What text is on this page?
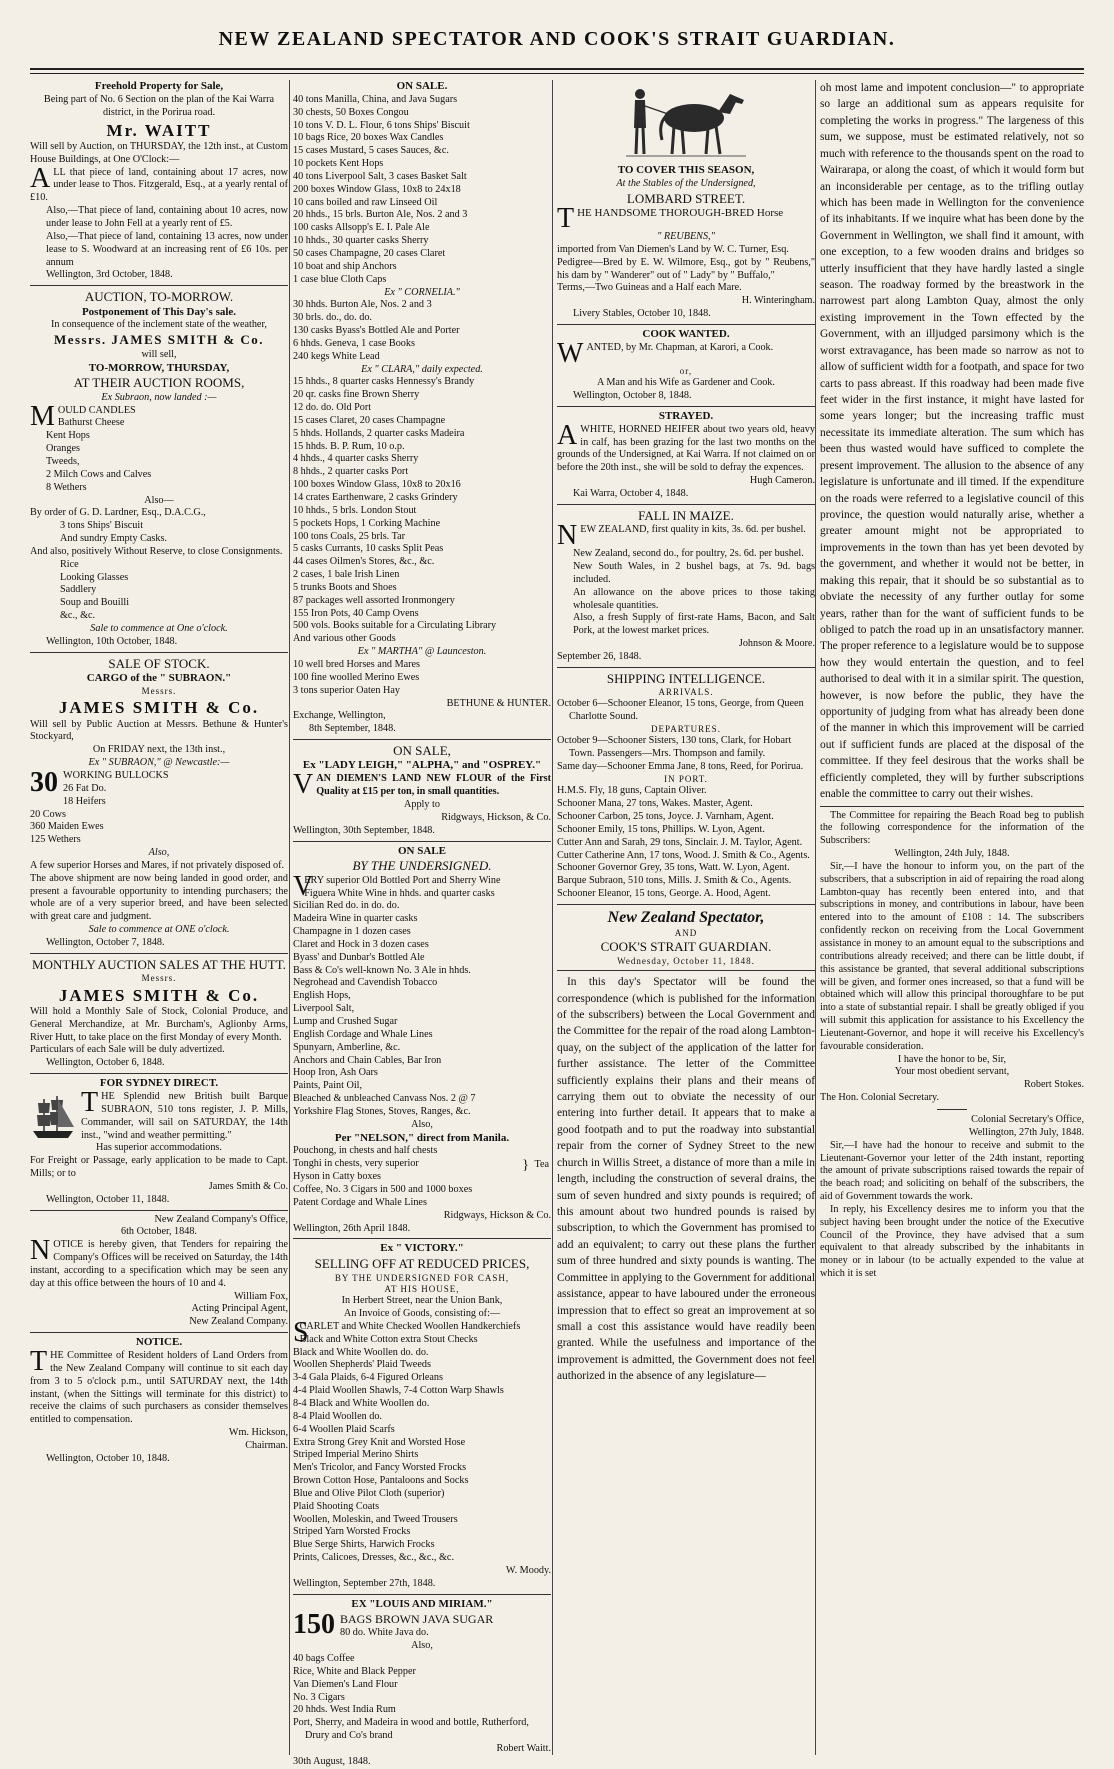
NEW ZEALAND SPECTATOR AND COOK'S STRAIT GUARDIAN.

Freehold Property for Sale,

Being part of No. 6 Section on the plan of the Kai Warra district, in the Porirua road.

Mr. WAITT

Will sell by Auction, on THURSDAY, the 12th inst., at Custom House Buildings, at One O'Clock:—

ALL that piece of land, containing about 17 acres, now under lease to Thos. Fitzgerald, Esq., at a yearly rental of £10.

Also,—That piece of land, containing about 10 acres, now under lease to John Fell at a yearly rent of £5.

Also,—That piece of land, containing 13 acres, now under lease to S. Woodward at an increasing rent of £6 10s. per annum

Wellington, 3rd October, 1848.

AUCTION, TO-MORROW.

Postponement of This Day's sale.

In consequence of the inclement state of the weather,

Messrs. JAMES SMITH & Co.

will sell,

TO-MORROW, THURSDAY,

AT THEIR AUCTION ROOMS,

Ex Subraon, now landed :—

M OULD CANDLES

Bathurst Cheese

Kent Hops

Oranges

Tweeds,

2 Milch Cows and Calves

8 Wethers

Also—

By order of G. D. Lardner, Esq., D.A.C.G.,

3 tons Ships' Biscuit

And sundry Empty Casks.

And also, positively Without Reserve, to close Consignments.

Rice

Looking Glasses

Saddlery

Soup and Bouilli

&c., &c.

Sale to commence at One o'clock.

Wellington, 10th October, 1848.

SALE OF STOCK.

CARGO of the " SUBRAON."

Messrs.

JAMES SMITH & Co.

Will sell by Public Auction at Messrs. Bethune & Hunter's Stockyard,

On FRIDAY next, the 13th inst.,

Ex " SUBRAON," @ Newcastle:—

30 WORKING BULLOCKS

26 Fat Do.

18 Heifers

20 Cows

360 Maiden Ewes

125 Wethers

Also,

A few superior Horses and Mares, if not privately disposed of.

The above shipment are now being landed in good order, and present a favourable opportunity to intending purchasers; the whole are of a very superior breed, and have been selected with great care and judgment.

Sale to commence at ONE o'clock.

Wellington, October 7, 1848.

MONTHLY AUCTION SALES AT THE HUTT.

Messrs.

JAMES SMITH & Co.

Will hold a Monthly Sale of Stock, Colonial Produce, and General Merchandize, at Mr. Burcham's, Aglionby Arms, River Hutt, to take place on the first Monday of every Month.

Particulars of each Sale will be duly advertized.

Wellington, October 6, 1848.

FOR SYDNEY DIRECT.

THE Splendid new British built Barque SUBRAON, 510 tons register, J. P. Mills, Commander, will sail on SATURDAY, the 14th inst., "wind and weather permitting."

Has superior accommodations.

For Freight or Passage, early application to be made to Capt. Mills; or to

James Smith & Co.

Wellington, October 11, 1848.

New Zealand Company's Office,

6th October, 1848.

NOTICE is hereby given, that Tenders for repairing the Company's Offices will be received on Saturday, the 14th instant, according to a specification which may be seen any day at this office between the hours of 10 and 4.

William Fox,

Acting Principal Agent,

New Zealand Company.

NOTICE.

THE Committee of Resident holders of Land Orders from the New Zealand Company will continue to sit each day from 3 to 5 o'clock p.m., until SATURDAY next, the 14th instant, (when the Sittings will terminate for this district) to receive the claims of such purchasers as consider themselves entitled to compensation.

Wm. Hickson,

Chairman.

Wellington, October 10, 1848.

ON SALE.

40 tons Manilla, China, and Java Sugars

30 chests, 50 Boxes Congou

10 tons V. D. L. Flour, 6 tons Ships' Biscuit

10 bags Rice, 20 boxes Wax Candles

15 cases Mustard, 5 cases Sauces, &c.

10 pockets Kent Hops

40 tons Liverpool Salt, 3 cases Basket Salt

200 boxes Window Glass, 10x8 to 24x18

10 cans boiled and raw Linseed Oil

20 hhds., 15 brls. Burton Ale, Nos. 2 and 3

100 casks Allsopp's E. I. Pale Ale

10 hhds., 30 quarter casks Sherry

50 cases Champagne, 20 cases Claret

10 boat and ship Anchors

1 case blue Cloth Caps

Ex " CORNELIA."

30 hhds. Burton Ale, Nos. 2 and 3

30 brls. do., do. do.

130 casks Byass's Bottled Ale and Porter

6 hhds. Geneva, 1 case Books

240 kegs White Lead

Ex " CLARA," daily expected.

15 hhds., 8 quarter casks Hennessy's Brandy

20 qr. casks fine Brown Sherry

12 do. do. Old Port

15 cases Claret, 20 cases Champagne

5 hhds. Hollands, 2 quarter casks Madeira

15 hhds. B. P. Rum, 10 o.p.

4 hhds., 4 quarter casks Sherry

8 hhds., 2 quarter casks Port

100 boxes Window Glass, 10x8 to 20x16

14 crates Earthenware, 2 casks Grindery

10 hhds., 5 brls. London Stout

5 pockets Hops, 1 Corking Machine

100 tons Coals, 25 brls. Tar

5 casks Currants, 10 casks Split Peas

44 cases Oilmen's Stores, &c., &c.

2 cases, 1 bale Irish Linen

5 trunks Boots and Shoes

87 packages well assorted Ironmongery

155 Iron Pots, 40 Camp Ovens

500 vols. Books suitable for a Circulating Library

And various other Goods

Ex " MARTHA" @ Launceston.

10 well bred Horses and Mares

100 fine woolled Merino Ewes

3 tons superior Oaten Hay

BETHUNE & HUNTER.

Exchange, Wellington,

8th September, 1848.

ON SALE,

Ex "LADY LEIGH," "ALPHA," and "OSPREY."

VAN DIEMEN'S LAND NEW FLOUR of the First Quality at £15 per ton, in small quantities.

Apply to

Ridgways, Hickson, & Co.

Wellington, 30th September, 1848.

ON SALE

BY THE UNDERSIGNED.

V

ERY superior Old Bottled Port and Sherry Wine

Figuera White Wine in hhds. and quarter casks

Sicilian Red do. in do. do.

Madeira Wine in quarter casks

Champagne in 1 dozen cases

Claret and Hock in 3 dozen cases

Byass' and Dunbar's Bottled Ale

Bass & Co's well-known No. 3 Ale in hhds.

Negrohead and Cavendish Tobacco

English Hops,

Liverpool Salt,

Lump and Crushed Sugar

English Cordage and Whale Lines

Spunyarn, Amberline, &c.

Anchors and Chain Cables, Bar Iron

Hoop Iron, Ash Oars

Paints, Paint Oil,

Bleached & unbleached Canvass Nos. 2 @ 7

Yorkshire Flag Stones, Stoves, Ranges, &c.

Also,

Per "NELSON," direct from Manila.

Pouchong, in chests and half chests

Tonghi in chests, very superior

Hyson in Catty boxes

} Tea

Coffee, No. 3 Cigars in 500 and 1000 boxes

Patent Cordage and Whale Lines

Ridgways, Hickson & Co.

Wellington, 26th April 1848.

Ex " VICTORY."

SELLING OFF AT REDUCED PRICES,

BY THE UNDERSIGNED FOR CASH,

AT HIS HOUSE,

In Herbert Street, near the Union Bank,

An Invoice of Goods, consisting of:—

S

CARLET and White Checked Woollen Handkerchiefs

Black and White Cotton extra Stout Checks

Black and White Woollen do. do.

Woollen Shepherds' Plaid Tweeds

3-4 Gala Plaids, 6-4 Figured Orleans

4-4 Plaid Woollen Shawls, 7-4 Cotton Warp Shawls

8-4 Black and White Woollen do.

8-4 Plaid Woollen do.

6-4 Woollen Plaid Scarfs

Extra Strong Grey Knit and Worsted Hose

Striped Imperial Merino Shirts

Men's Tricolor, and Fancy Worsted Frocks

Brown Cotton Hose, Pantaloons and Socks

Blue and Olive Pilot Cloth (superior)

Plaid Shooting Coats

Woollen, Moleskin, and Tweed Trousers

Striped Yarn Worsted Frocks

Blue Serge Shirts, Harwich Frocks

Prints, Calicoes, Dresses, &c., &c., &c.

W. Moody.

Wellington, September 27th, 1848.

EX "LOUIS AND MIRIAM."

150 BAGS BROWN JAVA SUGAR
80 do. White Java do.

Also,

40 bags Coffee

Rice, White and Black Pepper

Van Diemen's Land Flour

No. 3 Cigars

20 hhds. West India Rum

Port, Sherry, and Madeira in wood and bottle, Rutherford, Drury and Co's brand

Robert Waitt.

30th August, 1848.

TO COVER THIS SEASON,

At the Stables of the Undersigned,

LOMBARD STREET.

THE HANDSOME THOROUGH-BRED Horse

" REUBENS,"

imported from Van Diemen's Land by W. C. Turner, Esq.

Pedigree—Bred by E. W. Wilmore, Esq., got by " Reubens," his dam by " Wanderer" out of " Lady" by " Buffalo,"

Terms,—Two Guineas and a Half each Mare.

H. Winteringham.

Livery Stables, October 10, 1848.

COOK WANTED.

WANTED, by Mr. Chapman, at Karori, a Cook.

or,

A Man and his Wife as Gardener and Cook.

Wellington, October 8, 1848.

STRAYED.

AWHITE, HORNED HEIFER about two years old, heavy in calf, has been grazing for the last two months on the grounds of the Undersigned, at Kai Warra. If not claimed on or before the 20th inst., she will be sold to defray the expences.

Hugh Cameron.

Kai Warra, October 4, 1848.

FALL IN MAIZE.

NEW ZEALAND, first quality in kits, 3s. 6d. per bushel.

New Zealand, second do., for poultry, 2s. 6d. per bushel.

New South Wales, in 2 bushel bags, at 7s. 9d. bags included.

An allowance on the above prices to those taking wholesale quantities.

Also, a fresh Supply of first-rate Hams, Bacon, and Salt Pork, at the lowest market prices.

Johnson & Moore.

September 26, 1848.

SHIPPING INTELLIGENCE.

ARRIVALS.

October 6—Schooner Eleanor, 15 tons, George, from Queen Charlotte Sound.

DEPARTURES.

October 9—Schooner Sisters, 130 tons, Clark, for Hobart Town. Passengers—Mrs. Thompson and family.

Same day—Schooner Emma Jane, 8 tons, Reed, for Porirua.

IN PORT.

H.M.S. Fly, 18 guns, Captain Oliver.

Schooner Mana, 27 tons, Wakes. Master, Agent.

Schooner Carbon, 25 tons, Joyce. J. Varnham, Agent.

Schooner Emily, 15 tons, Phillips. W. Lyon, Agent.

Cutter Ann and Sarah, 29 tons, Sinclair. J. M. Taylor, Agent.

Cutter Catherine Ann, 17 tons, Wood. J. Smith & Co., Agents.

Schooner Governor Grey, 35 tons, Watt. W. Lyon, Agent.

Barque Subraon, 510 tons, Mills. J. Smith & Co., Agents.

Schooner Eleanor, 15 tons, George. A. Hood, Agent.

New Zealand Spectator,

AND

COOK'S STRAIT GUARDIAN.

Wednesday, October 11, 1848.

In this day's Spectator will be found the correspondence (which is published for the information of the subscribers) between the Local Government and the Committee for the repair of the road along Lambton-quay, on the subject of the application of the latter for further assistance. The letter of the Committee sufficiently explains their plans and their means of carrying them out to obviate the necessity of our entering into further detail. It appears that to make a good footpath and to put the roadway into substantial repair from the corner of Sydney Street to the new church in Willis Street, a distance of more than a mile in length, including the construction of several drains, the sum of seven hundred and sixty pounds is required; of this amount about two hundred pounds is raised by subscription, to which the Government has promised to add an equivalent; to carry out these plans the further sum of three hundred and sixty pounds is wanting. The Committee in applying to the Government for additional assistance, appear to have laboured under the erroneous impression that to effect so great an improvement at so small a cost this assistance would have readily been granted. While the usefulness and importance of the improvement is admitted, the Government does not feel authorized in the absence of any legislature—

oh most lame and impotent conclusion—" to appropriate so large an additional sum as appears requisite for completing the works in progress." The largeness of this sum, we suppose, must be estimated relatively, not so much with reference to the thousands spent on the road to Wairarapa, or along the coast, of which it would form but an inconsiderable per centage, as to the trifling outlay which has been made in Wellington for the convenience of its inhabitants. If we inquire what has been done by the Government in Wellington, we shall find it amount, with one exception, to a few wooden drains and bridges so utterly insufficient that they have hardly lasted a single season. The roadway formed by the breastwork in the narrowest part along Lambton Quay, almost the only existing improvement in the Town effected by the Government, with an illjudged parsimony which is the worst extravagance, has been made so narrow as not to allow of sufficient width for a footpath, and space for two carts to pass abreast. If this roadway had been made five feet wider in the first instance, it might have lasted for some years longer; but the increasing traffic must necessitate its immediate alteration. The sum which has been thus wasted would have sufficed to complete the present improvement. The allusion to the absence of any legislature is unfortunate and ill timed. If the expenditure on the roads were referred to a legislative council of this province, the question would naturally arise, whether a greater amount might not be appropriated to improvements in the town than has yet been devoted by the government, and whether it would not be better, in making this repair, that it should be so substantial as to obviate the necessity of any further outlay for some years, rather than for the want of sufficient funds to be obliged to patch the road up in an unsatisfactory manner. The proper reference to a legislature would be to suppose how they would entertain the question, and to feel authorised to deal with it in a similar spirit. The question, however, is now before the public, they have the opportunity of judging from what has already been done of the manner in which this improvement will be carried out if sufficient funds are placed at the disposal of the committee. If they feel desirous that the works shall be efficiently completed, they will by further subscriptions enable the committee to carry out their wishes.

The Committee for repairing the Beach Road beg to publish the following correspondence for the information of the Subscribers:

Wellington, 24th July, 1848.

Sir,—I have the honour to inform you, on the part of the subscribers, that a subscription in aid of repairing the road along Lambton-quay has recently been entered into, and that subscriptions in money, and contributions in labour, have been entered into to the amount of £108 : 14. The subscribers confidently reckon on receiving from the Local Government assistance in money to an amount equal to the subscriptions and contributions already received; and there can be little doubt, if this assistance be granted, that several additional subscriptions will be given, and former ones increased, so that a fund will be obtained which will allow this principal thoroughfare to be put into a state of substantial repair. I shall be greatly obliged if you will submit this application for assistance to his Excellency the Lieutenant-Governor, and hope it will receive his Excellency's favourable consideration.

I have the honor to be, Sir,

Your most obedient servant,

Robert Stokes.

The Hon. Colonial Secretary.

Colonial Secretary's Office,

Wellington, 27th July, 1848.

Sir,—I have had the honour to receive and submit to the Lieutenant-Governor your letter of the 24th instant, reporting the amount of private subscriptions raised towards the repair of the beach road; and soliciting on behalf of the subscribers, the aid of Government towards the work.

In reply, his Excellency desires me to inform you that the subject having been brought under the notice of the Executive Council of the Province, they have advised that a sum equivalent to that already subscribed by the inhabitants in money or in labour (to be actually expended to the value at which it is set
